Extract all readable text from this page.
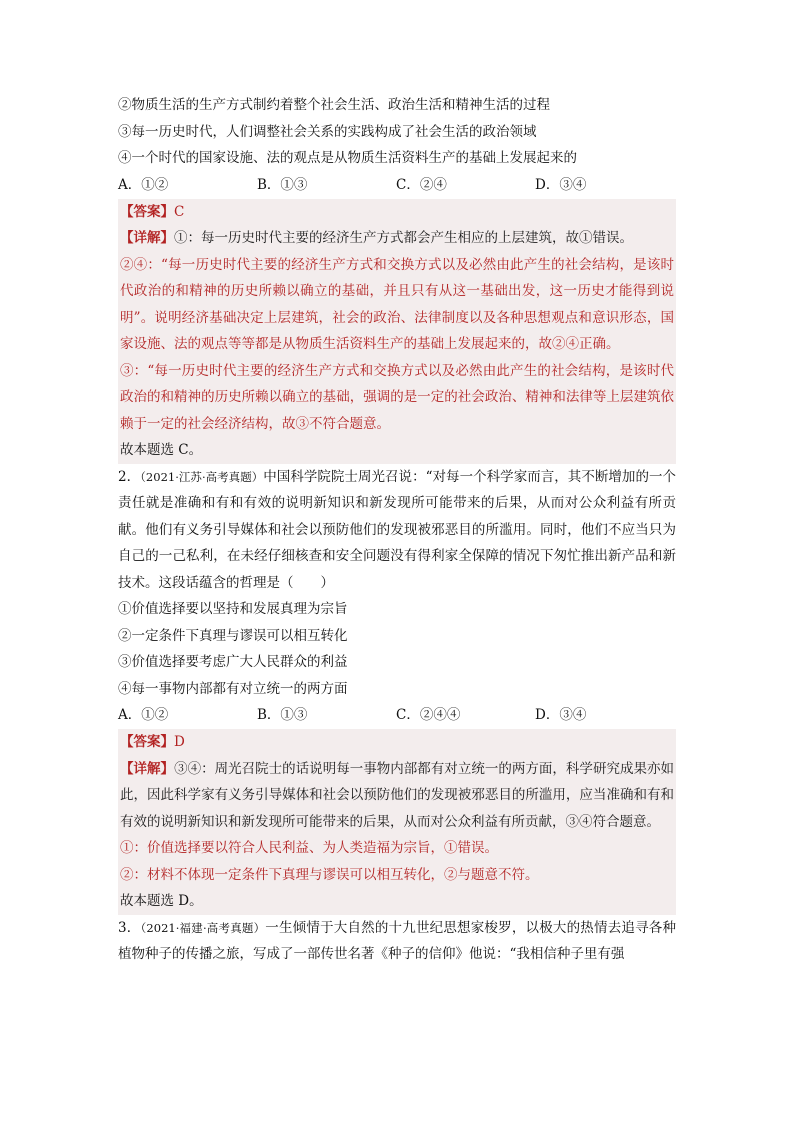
②物质生活的生产方式制约着整个社会生活、政治生活和精神生活的过程
③每一历史时代，人们调整社会关系的实践构成了社会生活的政治领域
④一个时代的国家设施、法的观点是从物质生活资料生产的基础上发展起来的
A．①②	B．①③	C．②④	D．③④
【答案】C
【详解】①：每一历史时代主要的经济生产方式都会产生相应的上层建筑，故①错误。
②④：“每一历史时代主要的经济生产方式和交换方式以及必然由此产生的社会结构，是该时代政治的和精神的历史所赖以确立的基础，并且只有从这一基础出发，这一历史才能得到说明”。说明经济基础决定上层建筑，社会的政治、法律制度以及各种思想观点和意识形态，国家设施、法的观点等等都是从物质生活资料生产的基础上发展起来的，故②④正确。
③：“每一历史时代主要的经济生产方式和交换方式以及必然由此产生的社会结构，是该时代政治的和精神的历史所赖以确立的基础，强调的是一定的社会政治、精神和法律等上层建筑依赖于一定的社会经济结构，故③不符合题意。
故本题选 C。
2．（2021·江苏·高考真题）中国科学院院士周光召说：“对每一个科学家而言，其不断增加的一个责任就是准确和有和有效的说明新知识和新发现所可能带来的后果，从而对公众利益有所贡献。他们有义务引导媒体和社会以预防他们的发现被邪恶目的所滥用。同时，他们不应当只为自己的一己私利，在未经仔细核查和安全问题没有得利家全保障的情况下匆忙推出新产品和新技术。这段话蕴含的哲理是（　　）
①价值选择要以坚持和发展真理为宗旨
②一定条件下真理与谬误可以相互转化
③价值选择要考虑广大人民群众的利益
④每一事物内部都有对立统一的两方面
A．①②	B．①③	C．②④④	D．③④
【答案】D
【详解】③④：周光召院士的话说明每一事物内部都有对立统一的两方面，科学研究成果亦如此，因此科学家有义务引导媒体和社会以预防他们的发现被邪恶目的所滥用，应当准确和有和有效的说明新知识和新发现所可能带来的后果，从而对公众利益有所贡献，③④符合题意。
①：价值选择要以符合人民利益、为人类造福为宗旨，①错误。
②：材料不体现一定条件下真理与谬误可以相互转化，②与题意不符。
故本题选 D。
3．（2021·福建·高考真题）一生倾情于大自然的十九世纪思想家梭罗，以极大的热情去追寻各种植物种子的传播之旅，写成了一部传世名著《种子的信仰》他说：“我相信种子里有强
